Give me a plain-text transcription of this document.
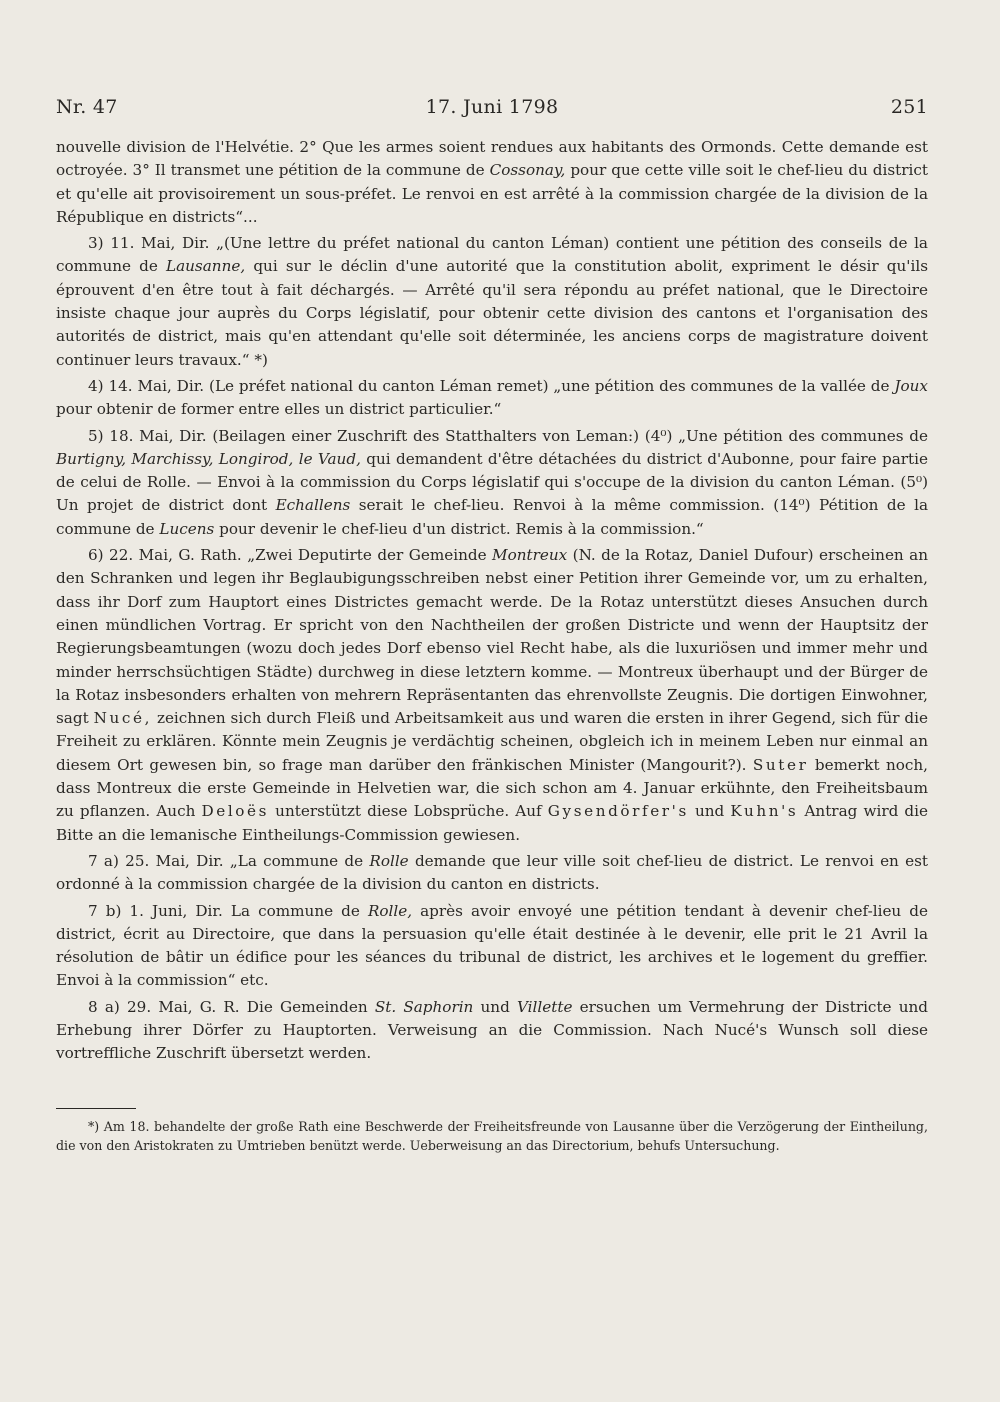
Nr. 47	17. Juni 1798	251

nouvelle division de l'Helvétie. 2° Que les armes soient rendues aux habitants des Ormonds. Cette demande est octroyée. 3° Il transmet une pétition de la commune de Cossonay, pour que cette ville soit le chef-lieu du district et qu'elle ait provisoirement un sous-préfet. Le renvoi en est arrêté à la commission chargée de la division de la République en districts“...

3) 11. Mai, Dir. „(Une lettre du préfet national du canton Léman) contient une pétition des conseils de la commune de Lausanne, qui sur le déclin d'une autorité que la constitution abolit, expriment le désir qu'ils éprouvent d'en être tout à fait déchargés. — Arrêté qu'il sera répondu au préfet national, que le Directoire insiste chaque jour auprès du Corps législatif, pour obtenir cette division des cantons et l'organisation des autorités de district, mais qu'en attendant qu'elle soit déterminée, les anciens corps de magistrature doivent continuer leurs travaux.“ *)

4) 14. Mai, Dir. (Le préfet national du canton Léman remet) „une pétition des communes de la vallée de Joux pour obtenir de former entre elles un district particulier.“

5) 18. Mai, Dir. (Beilagen einer Zuschrift des Statthalters von Leman:) (4⁰) „Une pétition des communes de Burtigny, Marchissy, Longirod, le Vaud, qui demandent d'être détachées du district d'Aubonne, pour faire partie de celui de Rolle. — Envoi à la commission du Corps législatif qui s'occupe de la division du canton Léman. (5⁰) Un projet de district dont Echallens serait le chef-lieu. Renvoi à la même commission. (14⁰) Pétition de la commune de Lucens pour devenir le chef-lieu d'un district. Remis à la commission.“

6) 22. Mai, G. Rath. „Zwei Deputirte der Gemeinde Montreux (N. de la Rotaz, Daniel Dufour) erscheinen an den Schranken und legen ihr Beglaubigungsschreiben nebst einer Petition ihrer Gemeinde vor, um zu erhalten, dass ihr Dorf zum Hauptort eines Districtes gemacht werde. De la Rotaz unterstützt dieses Ansuchen durch einen mündlichen Vortrag. Er spricht von den Nachtheilen der großen Districte und wenn der Hauptsitz der Regierungsbeamtungen (wozu doch jedes Dorf ebenso viel Recht habe, als die luxuriösen und immer mehr und minder herrschsüchtigen Städte) durchweg in diese letztern komme. — Montreux überhaupt und der Bürger de la Rotaz insbesonders erhalten von mehrern Repräsentanten das ehrenvollste Zeugnis. Die dortigen Einwohner, sagt Nucé, zeichnen sich durch Fleiß und Arbeitsamkeit aus und waren die ersten in ihrer Gegend, sich für die Freiheit zu erklären. Könnte mein Zeugnis je verdächtig scheinen, obgleich ich in meinem Leben nur einmal an diesem Ort gewesen bin, so frage man darüber den fränkischen Minister (Mangourit?). Suter bemerkt noch, dass Montreux die erste Gemeinde in Helvetien war, die sich schon am 4. Januar erkühnte, den Freiheitsbaum zu pflanzen. Auch Deloës unterstützt diese Lobsprüche. Auf Gysendörfer's und Kuhn's Antrag wird die Bitte an die lemanische Eintheilungs-Commission gewiesen.

7 a) 25. Mai, Dir. „La commune de Rolle demande que leur ville soit chef-lieu de district. Le renvoi en est ordonné à la commission chargée de la division du canton en districts.

7 b) 1. Juni, Dir. La commune de Rolle, après avoir envoyé une pétition tendant à devenir chef-lieu de district, écrit au Directoire, que dans la persuasion qu'elle était destinée à le devenir, elle prit le 21 Avril la résolution de bâtir un édifice pour les séances du tribunal de district, les archives et le logement du greffier. Envoi à la commission“ etc.

8 a) 29. Mai, G. R. Die Gemeinden St. Saphorin und Villette ersuchen um Vermehrung der Districte und Erhebung ihrer Dörfer zu Hauptorten. Verweisung an die Commission. Nach Nucé's Wunsch soll diese vortreffliche Zuschrift übersetzt werden.

*) Am 18. behandelte der große Rath eine Beschwerde der Freiheitsfreunde von Lausanne über die Verzögerung der Eintheilung, die von den Aristokraten zu Umtrieben benützt werde. Ueberweisung an das Directorium, behufs Untersuchung.
